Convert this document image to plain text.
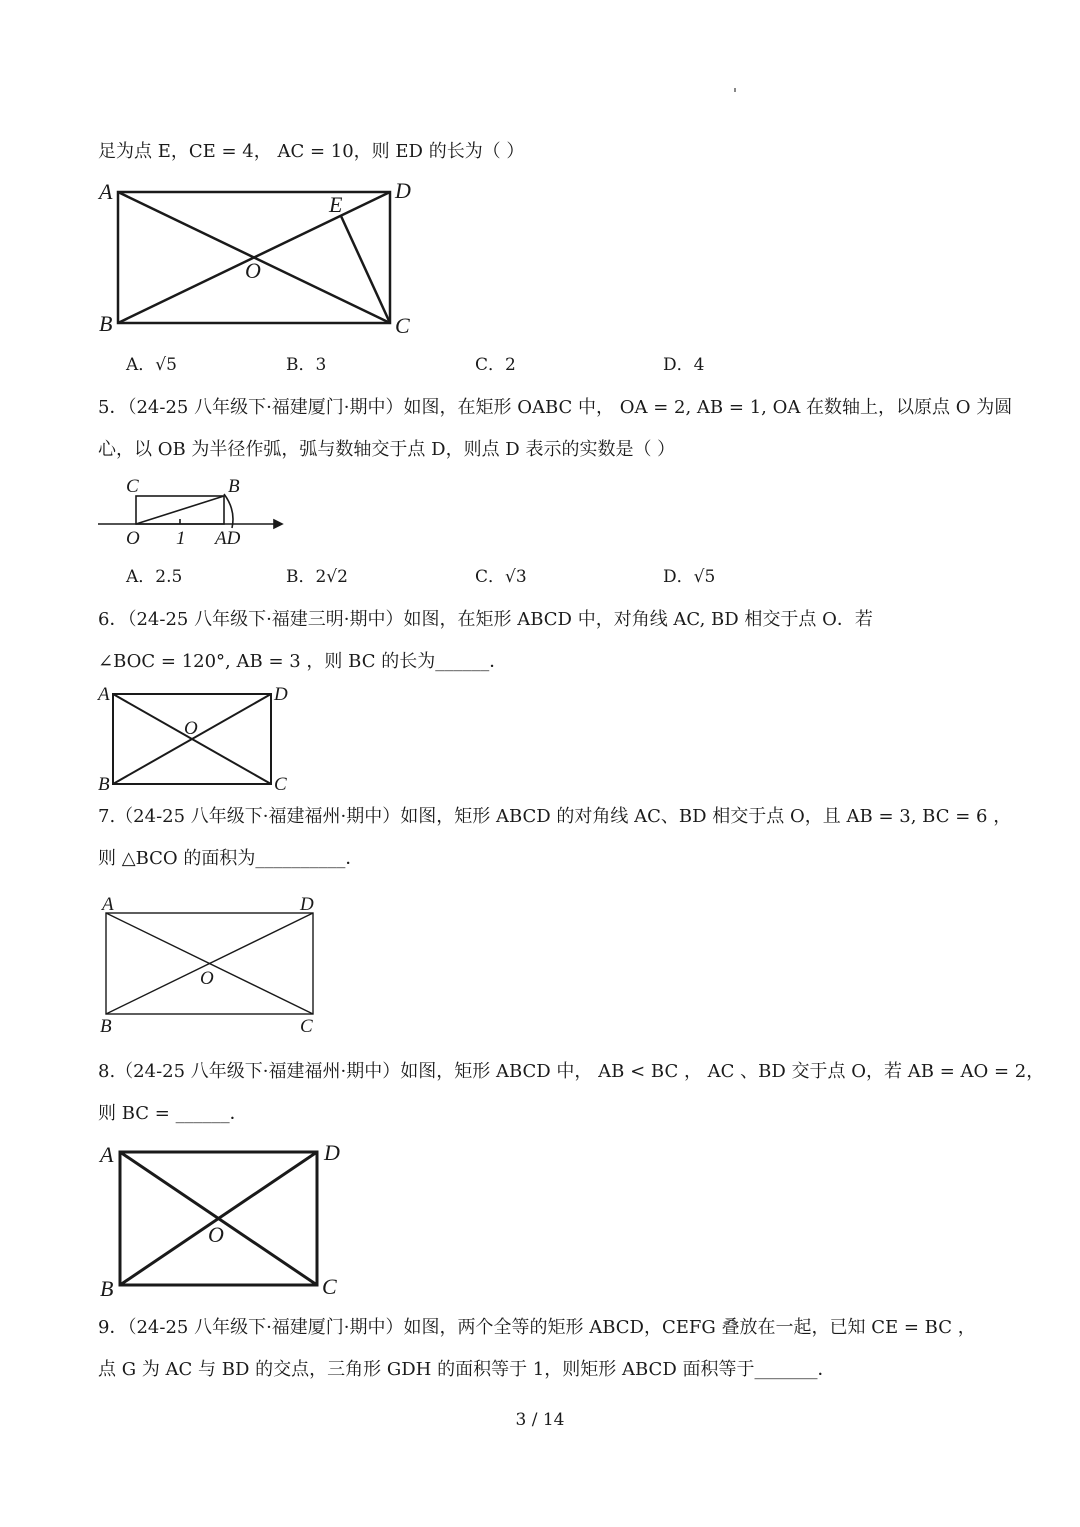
足为点 E，CE = 4， AC = 10，则 ED 的长为（ ）
A
B	C
D
E
O
A．√5	B．3	C．2	D．4
5．（24-25 八年级下·福建厦门·期中）如图，在矩形 OABC 中， OA = 2, AB = 1, OA 在数轴上，以原点 O 为圆
心，以 OB 为半径作弧，弧与数轴交于点 D，则点 D 表示的实数是（ ）
C	B
O 1 AD
A．2.5	B．2√2	C．√3	D．√5
6．（24-25 八年级下·福建三明·期中）如图，在矩形 ABCD 中，对角线 AC, BD 相交于点 O．若
∠BOC = 120°, AB = 3 ，则 BC 的长为______．
A
B	C
D
O
7.（24-25 八年级下·福建福州·期中）如图，矩形 ABCD 的对角线 AC、BD 相交于点 O，且 AB = 3, BC = 6 ，
则 △BCO 的面积为__________．
A
B	C
D
O
8.（24-25 八年级下·福建福州·期中）如图，矩形 ABCD 中， AB < BC ， AC 、BD 交于点 O，若 AB = AO = 2，
则 BC = ______．
A
B	C
D
O
9．（24-25 八年级下·福建厦门·期中）如图，两个全等的矩形 ABCD，CEFG 叠放在一起，已知 CE = BC ，
点 G 为 AC 与 BD 的交点，三角形 GDH 的面积等于 1，则矩形 ABCD 面积等于_______．
3 / 14
